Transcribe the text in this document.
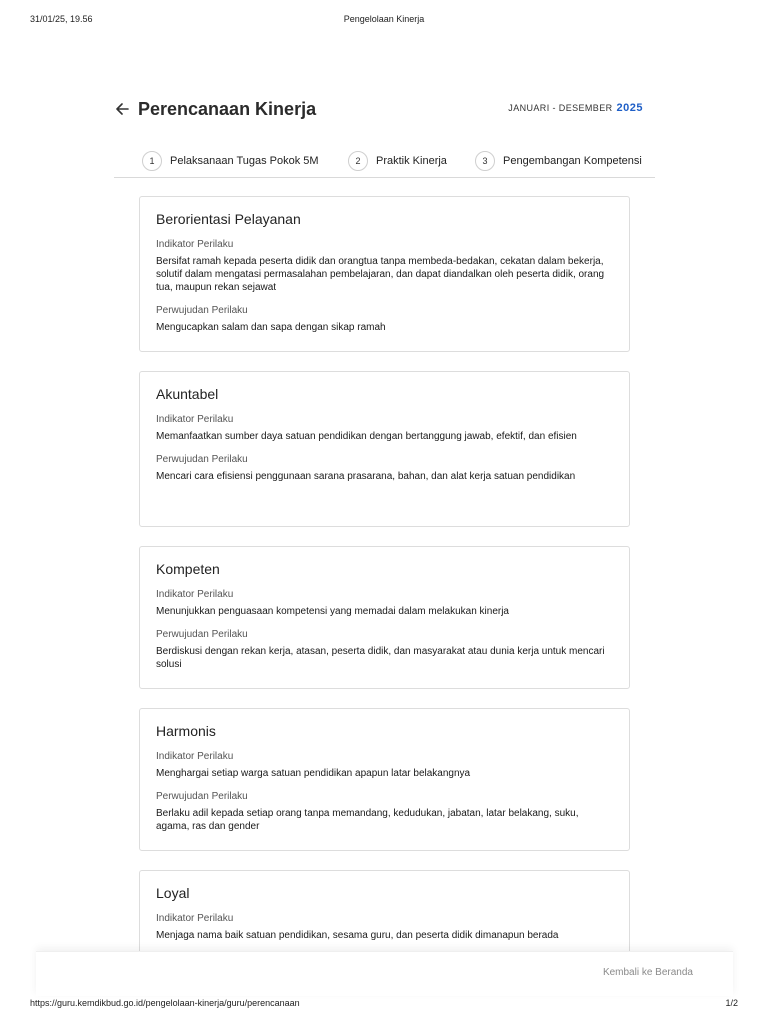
31/01/25, 19.56	Pengelolaan Kinerja
Perencanaan Kinerja	JANUARI - DESEMBER 2025
1	Pelaksanaan Tugas Pokok 5M	2	Praktik Kinerja	3	Pengembangan Kompetensi
Berorientasi Pelayanan
Indikator Perilaku
Bersifat ramah kepada peserta didik dan orangtua tanpa membeda-bedakan, cekatan dalam bekerja, solutif dalam mengatasi permasalahan pembelajaran, dan dapat diandalkan oleh peserta didik, orang tua, maupun rekan sejawat
Perwujudan Perilaku
Mengucapkan salam dan sapa dengan sikap ramah
Akuntabel
Indikator Perilaku
Memanfaatkan sumber daya satuan pendidikan dengan bertanggung jawab, efektif, dan efisien
Perwujudan Perilaku
Mencari cara efisiensi penggunaan sarana prasarana, bahan, dan alat kerja satuan pendidikan
Kompeten
Indikator Perilaku
Menunjukkan penguasaan kompetensi yang memadai dalam melakukan kinerja
Perwujudan Perilaku
Berdiskusi dengan rekan kerja, atasan, peserta didik, dan masyarakat atau dunia kerja untuk mencari solusi
Harmonis
Indikator Perilaku
Menghargai setiap warga satuan pendidikan apapun latar belakangnya
Perwujudan Perilaku
Berlaku adil kepada setiap orang tanpa memandang, kedudukan, jabatan, latar belakang, suku, agama, ras dan gender
Loyal
Indikator Perilaku
Menjaga nama baik satuan pendidikan, sesama guru, dan peserta didik dimanapun berada
Kembali ke Beranda
https://guru.kemdikbud.go.id/pengelolaan-kinerja/guru/perencanaan	1/2
